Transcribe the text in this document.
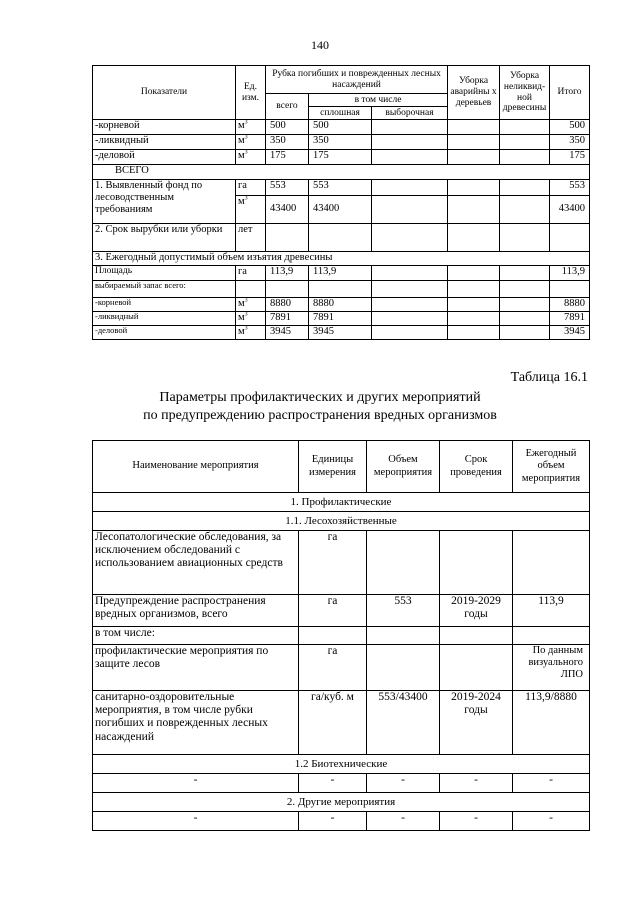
140
Показатели	Ед. изм.	Рубка погибших и поврежденных лесных насаждений			Уборка аварийны х деревьев	Уборка неликвид- ной древесины	Итого
		всего	в том числе				
			сплошная	выборочная			
-корневой	$м^3$	500	500				500
-ликвидный	$м^3$	350	350				350
-деловой	$м^3$	175	175				175
ВСЕГО							
1. Выявленный фонд по лесоводственным требованиям	га	553	553				553
	$м^3$	43400	43400				43400
2. Срок вырубки или уборки	лет						
3. Ежегодный допустимый объем изъятия древесины							
Площадь	га	113,9	113,9				113,9
выбираемый запас всего:							
-корневой	$м^3$	8880	8880				8880
-ликвидный	$м^3$	7891	7891				7891
-деловой	$м^3$	3945	3945				3945
Таблица 16.1
Параметры профилактических и других мероприятий
по предупреждению распространения вредных организмов
Наименование мероприятия	Единицы измерения	Объем мероприятия	Срок проведения	Ежегодный объем мероприятия
1. Профилактические				
1.1. Лесохозяйственные				
Лесопатологические обследования, за исключением обследований с использованием авиационных средств	га			
Предупреждение распространения вредных организмов, всего	га	553	2019-2029 годы	113,9
в том числе:				
профилактические мероприятия по защите лесов	га			По данным визуального ЛПО
санитарно-оздоровительные мероприятия, в том числе рубки погибших и поврежденных лесных насаждений	га/куб. м	553/43400	2019-2024 годы	113,9/8880
1.2 Биотехнические				
-	-	-	-	-
2. Другие мероприятия				
-	-	-	-	-
